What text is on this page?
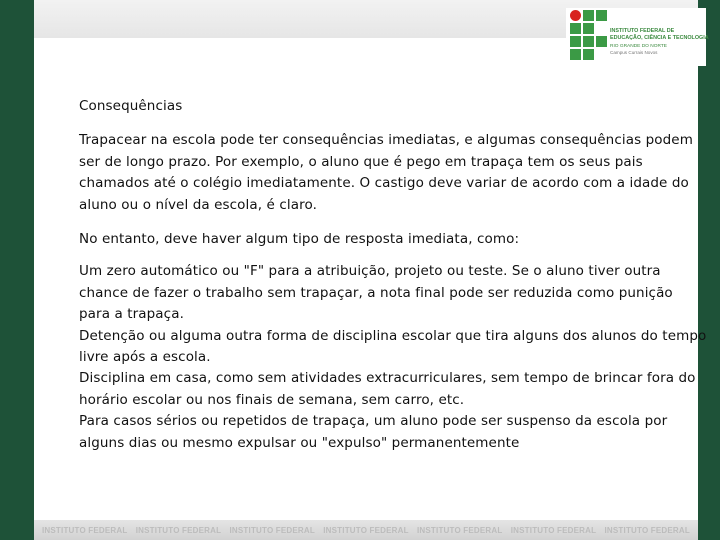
INSTITUTO FEDERAL DE
EDUCAÇÃO, CIÊNCIA E TECNOLOGIA
RIO GRANDE DO NORTE
Campus Currais Novos

Consequências

Trapacear na escola pode ter consequências imediatas, e algumas consequências podem ser de longo prazo. Por exemplo, o aluno que é pego em trapaça tem os seus pais chamados até o colégio imediatamente. O castigo deve variar de acordo com a idade do aluno ou o nível da escola, é claro.

No entanto, deve haver algum tipo de resposta imediata, como:

Um zero automático ou "F" para a atribuição, projeto ou teste. Se o aluno tiver outra chance de fazer o trabalho sem trapaçar, a nota final pode ser reduzida como punição para a trapaça.

Detenção ou alguma outra forma de disciplina escolar que tira alguns dos alunos do tempo livre após a escola.

Disciplina em casa, como sem atividades extracurriculares, sem tempo de brincar fora do horário escolar ou nos finais de semana, sem carro, etc.

Para casos sérios ou repetidos de trapaça, um aluno pode ser suspenso da escola por alguns dias ou mesmo expulsar ou "expulso" permanentemente

INSTITUTO FEDERAL INSTITUTO FEDERAL INSTITUTO FEDERAL INSTITUTO FEDERAL INSTITUTO FEDERAL INSTITUTO FEDERAL INSTITUTO FEDERAL
